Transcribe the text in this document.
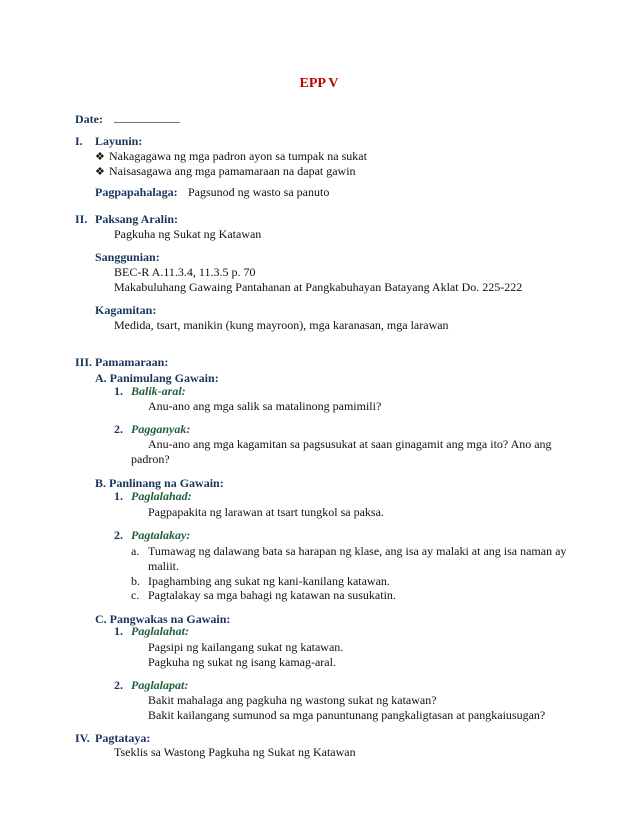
EPP V
Date: ___________
I. Layunin:
❖ Nakagagawa ng mga padron ayon sa tumpak na sukat
❖ Naisasagawa ang mga pamamaraan na dapat gawin
Pagpapahalaga: Pagsunod ng wasto sa panuto
II. Paksang Aralin:
Pagkuha ng Sukat ng Katawan
Sanggunian:
BEC-R A.11.3.4, 11.3.5 p. 70
Makabuluhang Gawaing Pantahanan at Pangkabuhayan Batayang Aklat Do. 225-222
Kagamitan:
Medida, tsart, manikin (kung mayroon), mga karanasan, mga larawan
III. Pamamaraan:
A. Panimulang Gawain:
1. Balik-aral:
Anu-ano ang mga salik sa matalinong pamimili?
2. Pagganyak:
Anu-ano ang mga kagamitan sa pagsusukat at saan ginagamit ang mga ito? Ano ang
padron?
B. Panlinang na Gawain:
1. Paglalahad:
Pagpapakita ng larawan at tsart tungkol sa paksa.
2. Pagtalakay:
a. Tumawag ng dalawang bata sa harapan ng klase, ang isa ay malaki at ang isa naman ay
maliit.
b. Ipaghambing ang sukat ng kani-kanilang katawan.
c. Pagtalakay sa mga bahagi ng katawan na susukatin.
C. Pangwakas na Gawain:
1. Paglalahat:
Pagsipi ng kailangang sukat ng katawan.
Pagkuha ng sukat ng isang kamag-aral.
2. Paglalapat:
Bakit mahalaga ang pagkuha ng wastong sukat ng katawan?
Bakit kailangang sumunod sa mga panuntunang pangkaligtasan at pangkaiusugan?
IV. Pagtataya:
Tseklis sa Wastong Pagkuha ng Sukat ng Katawan
